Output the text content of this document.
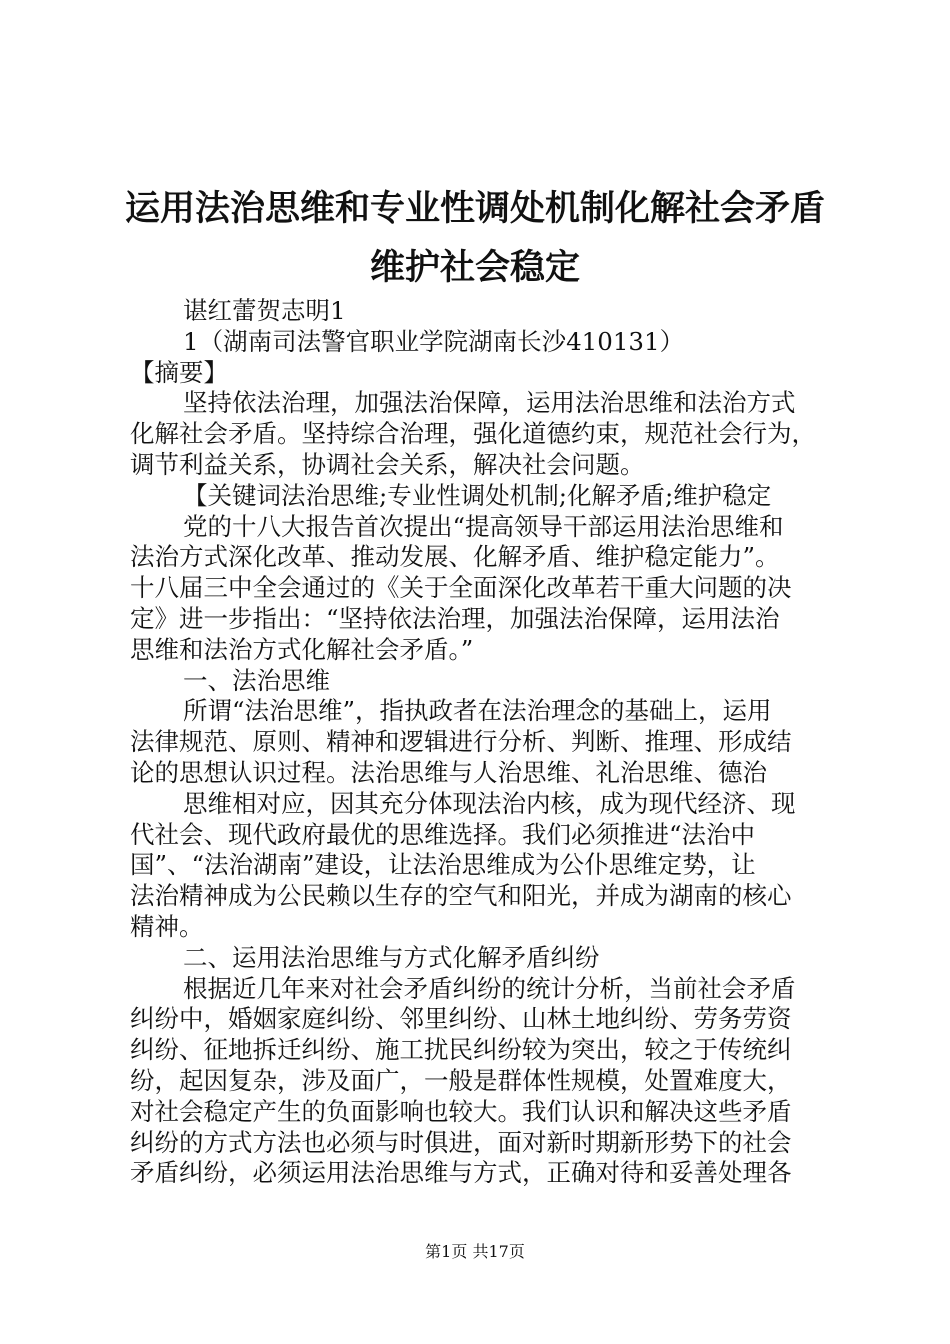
运用法治思维和专业性调处机制化解社会矛盾
维护社会稳定
谌红蕾贺志明1
1（湖南司法警官职业学院湖南长沙410131）
【摘要】
坚持依法治理，加强法治保障，运用法治思维和法治方式
化解社会矛盾。坚持综合治理，强化道德约束，规范社会行为，
调节利益关系，协调社会关系，解决社会问题。
【关键词法治思维;专业性调处机制;化解矛盾;维护稳定
党的十八大报告首次提出“提高领导干部运用法治思维和
法治方式深化改革、推动发展、化解矛盾、维护稳定能力”。
十八届三中全会通过的《关于全面深化改革若干重大问题的决
定》进一步指出：“坚持依法治理，加强法治保障，运用法治
思维和法治方式化解社会矛盾。”
一、法治思维
所谓“法治思维”，指执政者在法治理念的基础上，运用
法律规范、原则、精神和逻辑进行分析、判断、推理、形成结
论的思想认识过程。法治思维与人治思维、礼治思维、德治
思维相对应，因其充分体现法治内核，成为现代经济、现
代社会、现代政府最优的思维选择。我们必须推进“法治中
国”、“法治湖南”建设，让法治思维成为公仆思维定势，让
法治精神成为公民赖以生存的空气和阳光，并成为湖南的核心
精神。
二、运用法治思维与方式化解矛盾纠纷
根据近几年来对社会矛盾纠纷的统计分析，当前社会矛盾
纠纷中，婚姻家庭纠纷、邻里纠纷、山林土地纠纷、劳务劳资
纠纷、征地拆迁纠纷、施工扰民纠纷较为突出，较之于传统纠
纷，起因复杂，涉及面广，一般是群体性规模，处置难度大，
对社会稳定产生的负面影响也较大。我们认识和解决这些矛盾
纠纷的方式方法也必须与时俱进，面对新时期新形势下的社会
矛盾纠纷，必须运用法治思维与方式，正确对待和妥善处理各
第1页 共17页
